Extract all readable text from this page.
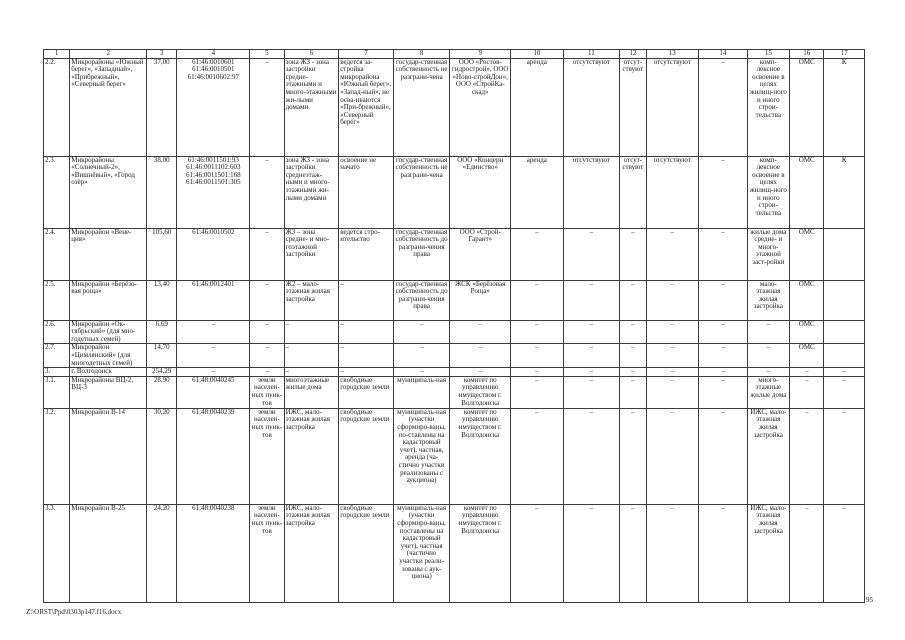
1	2	3	4	5	6	7	8	9	10	11	12	13	14	15	16	17
2.2.	Микрорайоны «Южный берег», «Западный», «Прибрежный», «Северный берег»	37,00	61:46:0010601 61:46:0010501 61:46:0010602:97	–	зона ЖЗ - зона застройки средне-этажными и много-этажными жи-лыми домами	ведется за-стройка микрорайона «Южный берег», «Запад-ный», не осва-иваются «При-брежный», «Северный берег»	государ-ственная собственность не разграни-чена	ООО «Ростов-гидрострой», ООО «Ново-стройДон», ООО «СтройКа-скад»	аренда	отсутствуют	отсут-ствуют	отсутствуют	–	комп-лексное освоение в целях жилищ-ного и иного строи-тельства	ОМС	К
2.3.	Микрорайоны «Солнечный-2», «Вишнёвый», «Город озёр»	38,00	61:46:0011501:93 61:46:0011102:603 61:46:0011501:168 61:46:0011501:305	–	зона ЖЗ - зона застройки среднеэтаж-ными и много-этажными жи-лыми домами	освоение не начато	государ-ственная собственность не разграни-чена	ООО «Концерн «Единство»	аренда	отсутствуют	отсут-ствуют	отсутствуют	–	комп-лексное освоение в целях жилищ-ного и иного строи-тельства	ОМС	К
2.4.	Микрорайон «Вене-ция»	105,60	61:46:0010502	–	ЖЗ – зона средне- и мно-гоэтажной застройки	ведется стро-ительство	государ-ственная собственность до разграни-чения права	ООО «Строй-Гарант»	–	–	–	–	–	жилые дома средне- и много-этажной заст-ройки	ОМС	
2.5.	Микрорайон «Берёзо-вая роща»	13,40	61:46:0012401	–	Ж2 – мало-этажная жилая застройка	–	государ-ственная собственность до разграни-чения права	ЖСК «Берёзовая Роща»	–	–	–	–	–	мало-этажная жилая застройка	ОМС	
2.6.	Микрорайон «Ок-тябрьский» (для мно-годетных семей)	6,69	–	–	–	–	–	–	–	–	–	–	–	–	ОМС	
2.7.	Микрорайон «Цимлянский» (для многодетных семей)	14,70	–	–	–	–	–	–	–	–	–	–	–	–	ОМС	
3.	г. Волгодонск	254,29	–	–	–	–	–	–	–	–	–	–	–	–	–	–
3.1.	Микрорайоны ВЦ-2, ВЦ-3	28,90	61:48:0040245	земли населен-ных пунк-тов	многоэтажные жилые дома	свободные городские земли	муниципаль-ная	комитет по управлению имуществом г. Волгодонска	–	–	–	–	–	много-этажные жилые дома	–	–
3.2.	Микрорайон В-14	30,20	61:48:0040239	земли населен-ных пунк-тов	ИЖС, мало-этажная жилая застройка	свободные городские земли	муниципаль-ная (участки сформиро-ваны, по-ставлены на кадастровый учет), частная, аренда (ча-стично участки реализованы с аукциона)	комитет по управлению имуществом г. Волгодонска	–	–	–	–	–	ИЖС, мало-этажная жилая застройка	–	–
3.3.	Микрорайон В-25	24,20	61:48:0040238	земли населен-ных пунк-тов	ИЖС, мало-этажная жилая застройка	свободные городские земли	муниципаль-ная (участки сформиро-ваны, поставлены на кадастровый учет), частная (частично участки реали-зованы с аук-циона)	комитет по управлению имуществом г. Волгодонска	–	–	–	–	–	ИЖС, мало-этажная жилая застройка	–	–
Z:\ORST\Ppd\0303p147.f16.docx
95
